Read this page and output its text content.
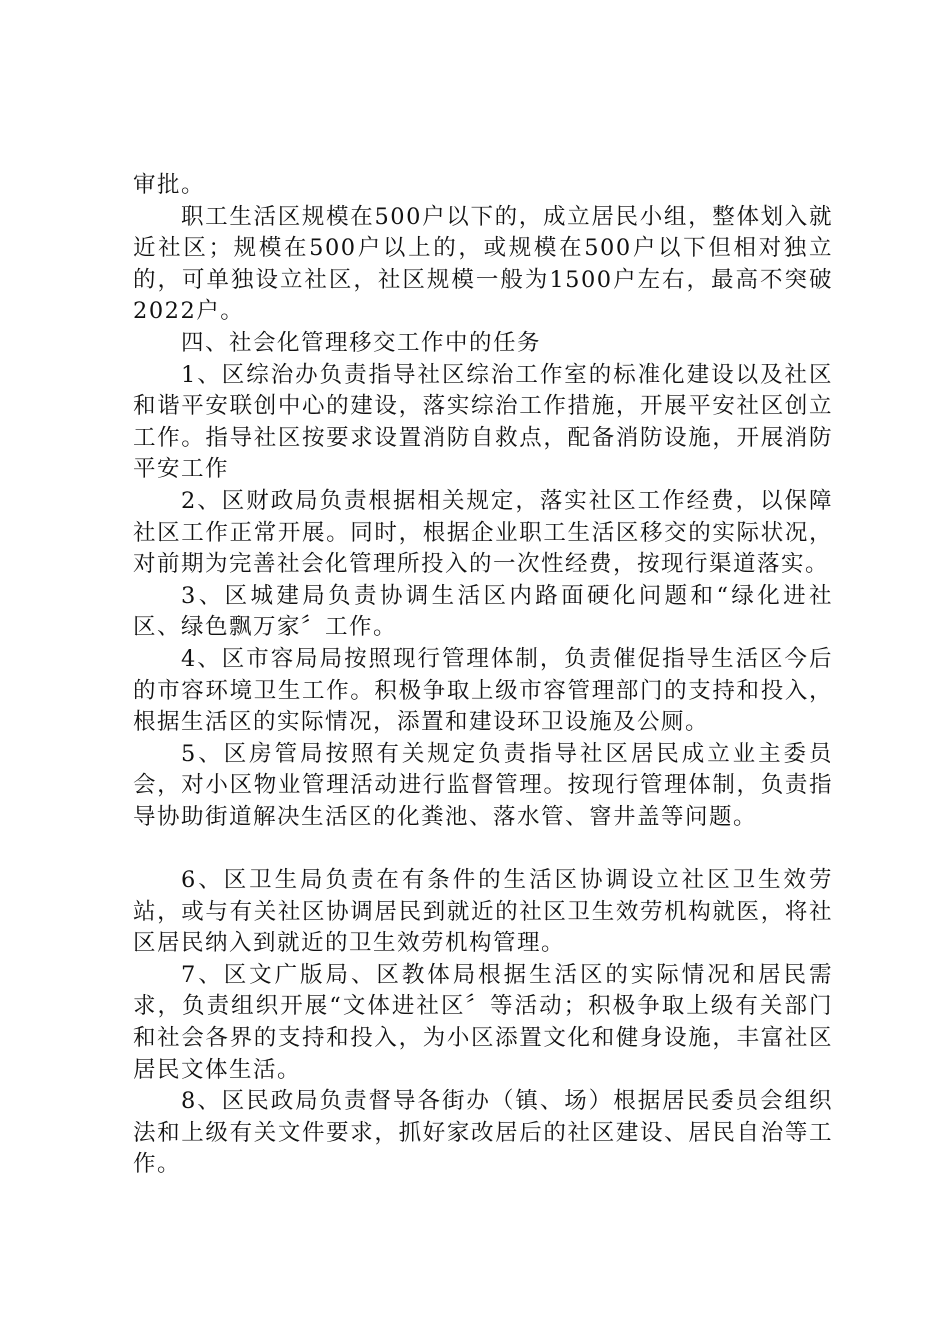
审批。

职工生活区规模在500户以下的，成立居民小组，整体划入就近社区；规模在500户以上的，或规模在500户以下但相对独立的，可单独设立社区，社区规模一般为1500户左右，最高不突破2022户。

四、社会化管理移交工作中的任务

1、区综治办负责指导社区综治工作室的标准化建设以及社区和谐平安联创中心的建设，落实综治工作措施，开展平安社区创立工作。指导社区按要求设置消防自救点，配备消防设施，开展消防平安工作

2、区财政局负责根据相关规定，落实社区工作经费，以保障社区工作正常开展。同时，根据企业职工生活区移交的实际状况，对前期为完善社会化管理所投入的一次性经费，按现行渠道落实。

3、区城建局负责协调生活区内路面硬化问题和“绿化进社区、绿色飘万家〞工作。

4、区市容局局按照现行管理体制，负责催促指导生活区今后的市容环境卫生工作。积极争取上级市容管理部门的支持和投入，根据生活区的实际情况，添置和建设环卫设施及公厕。

5、区房管局按照有关规定负责指导社区居民成立业主委员会，对小区物业管理活动进行监督管理。按现行管理体制，负责指导协助街道解决生活区的化粪池、落水管、窨井盖等问题。

6、区卫生局负责在有条件的生活区协调设立社区卫生效劳站，或与有关社区协调居民到就近的社区卫生效劳机构就医，将社区居民纳入到就近的卫生效劳机构管理。

7、区文广版局、区教体局根据生活区的实际情况和居民需求，负责组织开展“文体进社区〞等活动；积极争取上级有关部门和社会各界的支持和投入，为小区添置文化和健身设施，丰富社区居民文体生活。

8、区民政局负责督导各街办（镇、场）根据居民委员会组织法和上级有关文件要求，抓好家改居后的社区建设、居民自治等工作。
